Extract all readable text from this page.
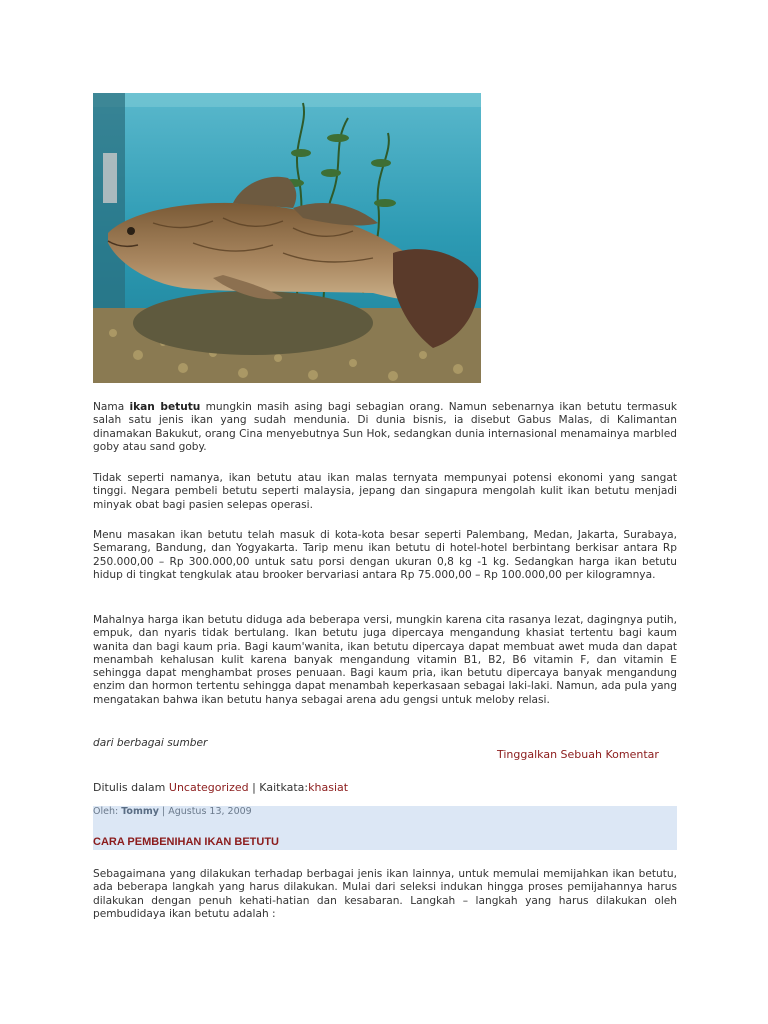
Nama ikan betutu mungkin masih asing bagi sebagian orang. Namun sebenarnya ikan betutu termasuk salah satu jenis ikan yang sudah mendunia. Di dunia bisnis, ia disebut Gabus Malas, di Kalimantan dinamakan Bakukut, orang Cina menyebutnya Sun Hok, sedangkan dunia internasional menamainya marbled goby atau sand goby.

Tidak seperti namanya, ikan betutu atau ikan malas ternyata mempunyai potensi ekonomi yang sangat tinggi. Negara pembeli betutu seperti malaysia, jepang dan singapura mengolah kulit ikan betutu menjadi minyak obat bagi pasien selepas operasi.

Menu masakan ikan betutu telah masuk di kota-kota besar seperti Palembang, Medan, Jakarta, Surabaya, Semarang, Bandung, dan Yogyakarta. Tarip menu ikan betutu di hotel-hotel berbintang berkisar antara Rp 250.000,00 – Rp 300.000,00 untuk satu porsi dengan ukuran 0,8 kg -1 kg. Sedangkan harga ikan betutu hidup di tingkat tengkulak atau brooker bervariasi antara Rp 75.000,00 – Rp 100.000,00 per kilogramnya.

Mahalnya harga ikan betutu diduga ada beberapa versi, mungkin karena cita rasanya lezat, dagingnya putih, empuk, dan nyaris tidak bertulang. Ikan betutu juga dipercaya mengandung khasiat tertentu bagi kaum wanita dan bagi kaum pria. Bagi kaum'wanita, ikan betutu dipercaya dapat membuat awet muda dan dapat menambah kehalusan kulit karena banyak mengandung vitamin B1, B2, B6 vitamin F, dan vitamin E sehingga dapat menghambat proses penuaan. Bagi kaum pria, ikan betutu dipercaya banyak mengandung enzim dan hormon tertentu sehingga dapat menambah keperkasaan sebagai laki-laki. Namun, ada pula yang mengatakan bahwa ikan betutu hanya sebagai arena adu gengsi untuk meloby relasi.

dari berbagai sumber
Tinggalkan Sebuah Komentar
Ditulis dalam Uncategorized | Kaitkata:khasiat
Oleh: Tommy | Agustus 13, 2009
CARA PEMBENIHAN IKAN BETUTU

Sebagaimana yang dilakukan terhadap berbagai jenis ikan lainnya, untuk memulai memijahkan ikan betutu, ada beberapa langkah yang harus dilakukan. Mulai dari seleksi indukan hingga proses pemijahannya harus dilakukan dengan penuh kehati-hatian dan kesabaran. Langkah – langkah yang harus dilakukan oleh pembudidaya ikan betutu adalah :
